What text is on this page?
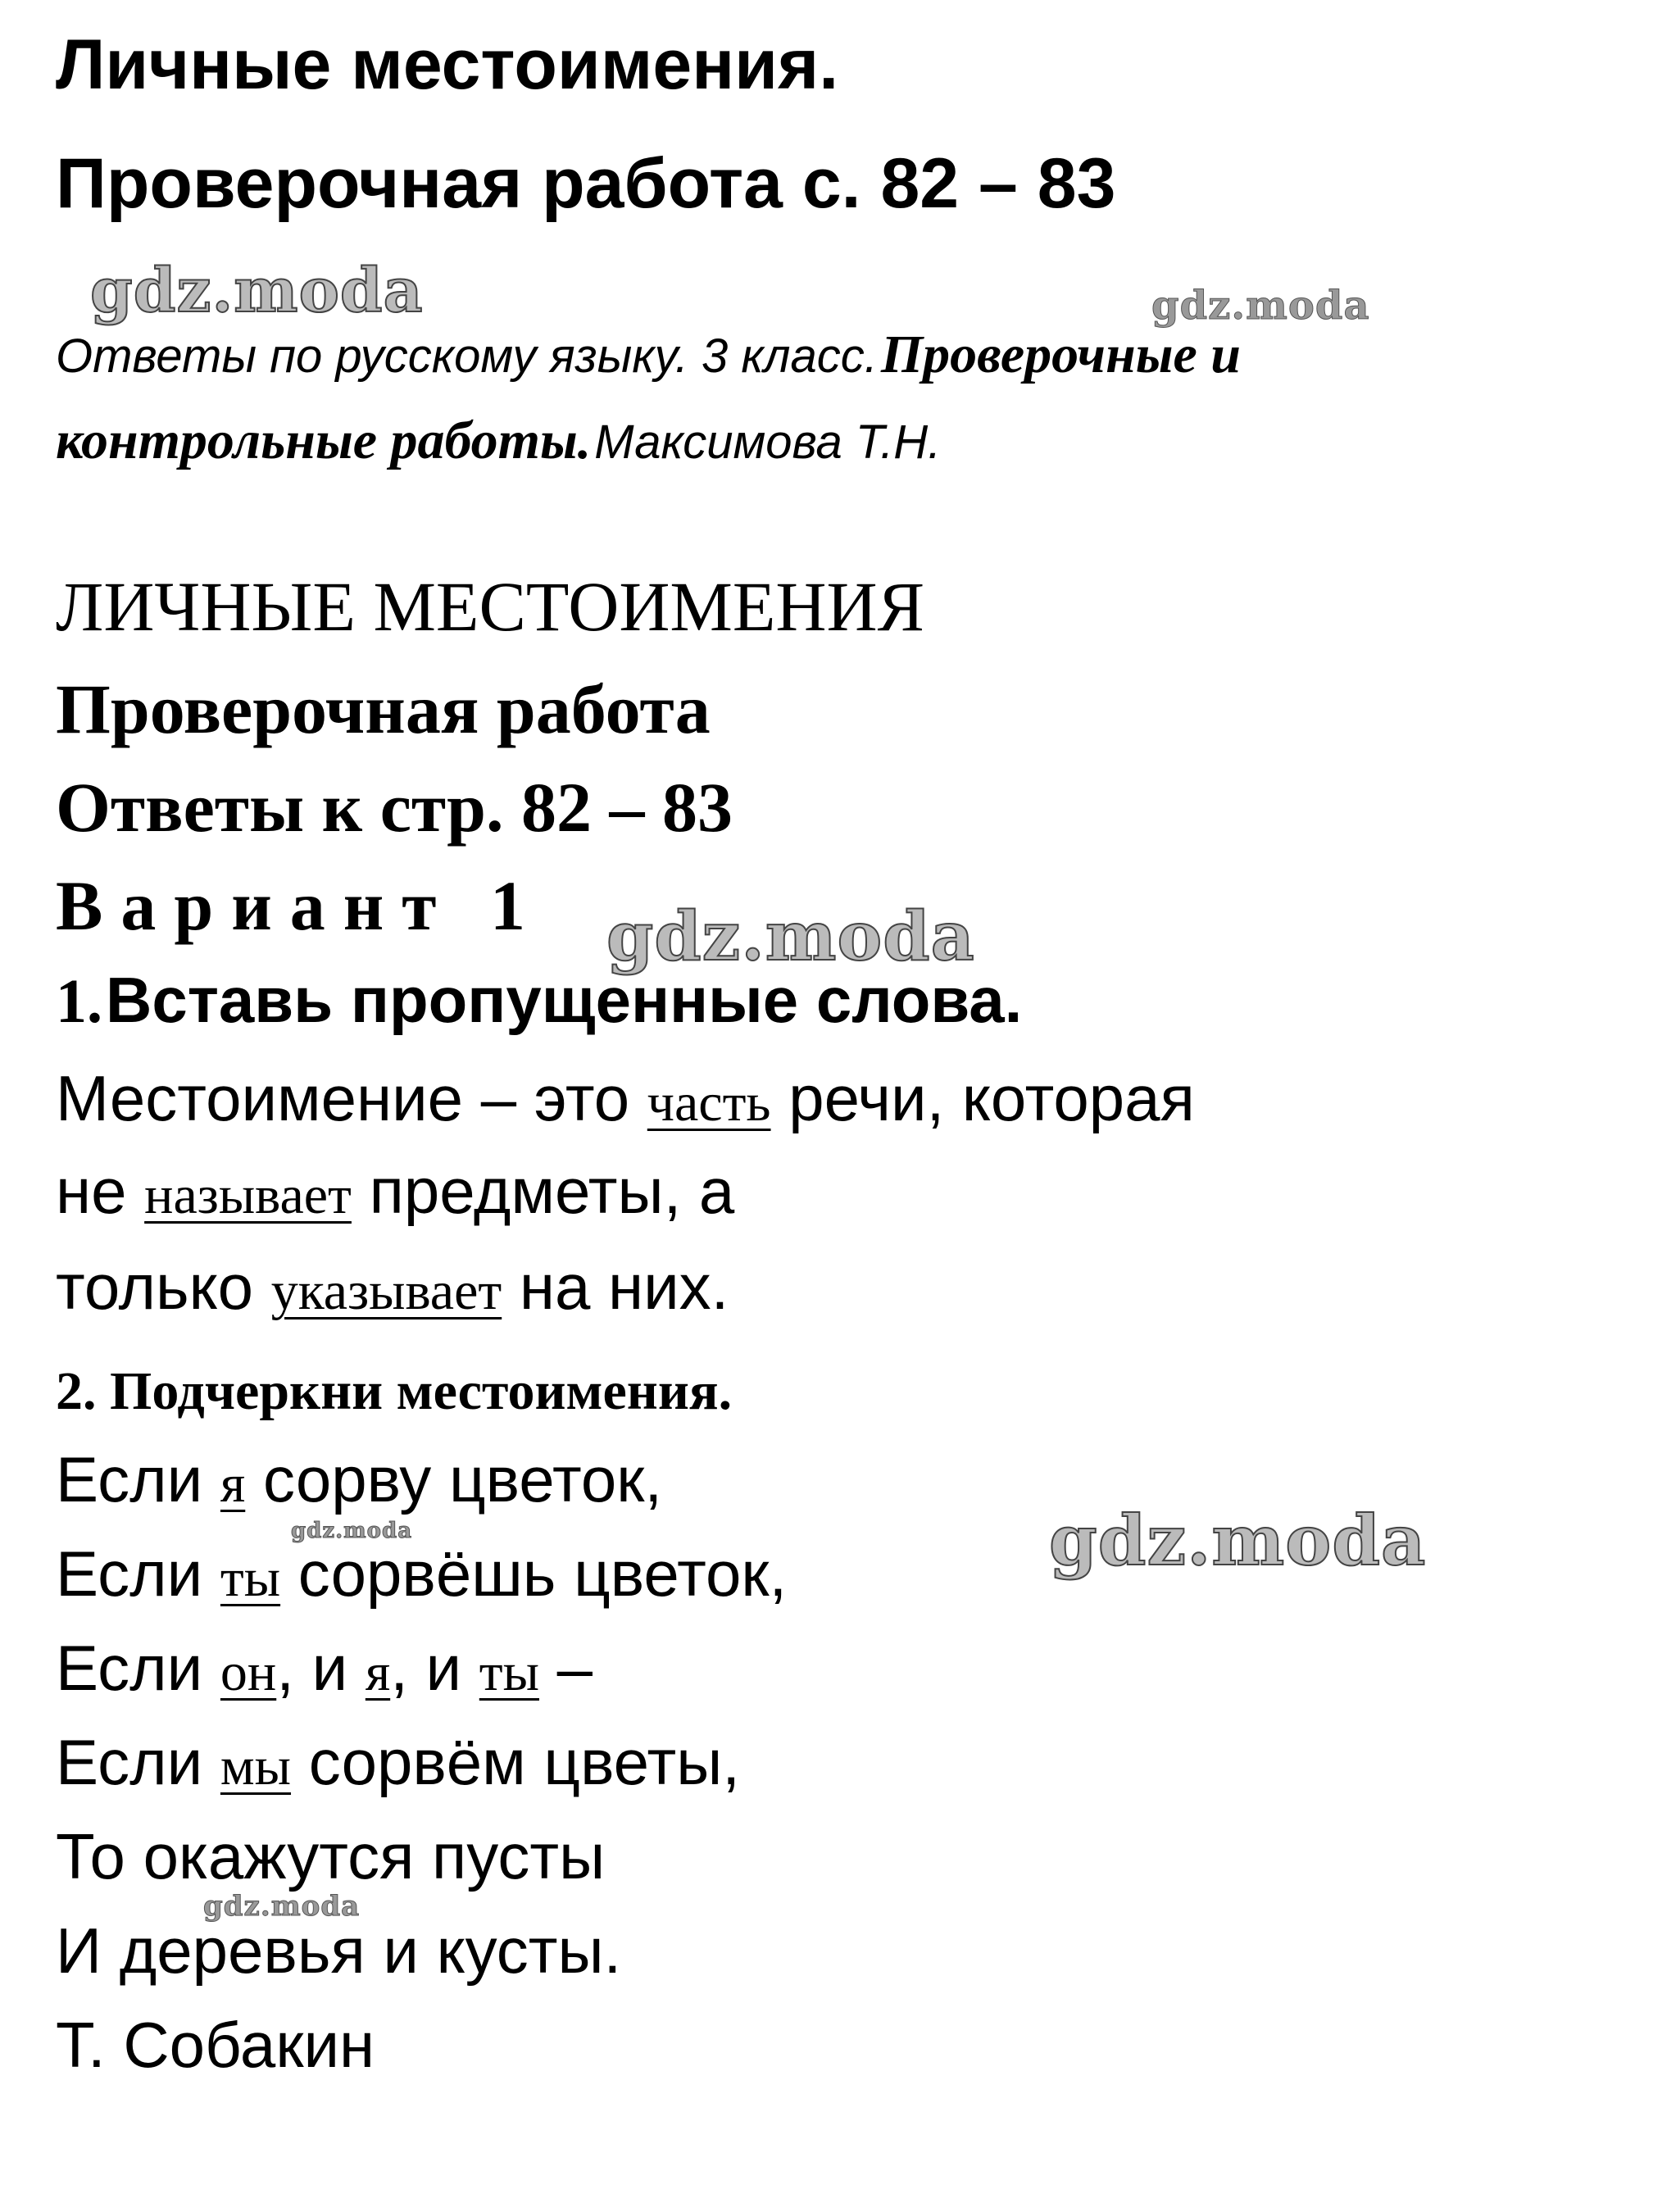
Личные местоимения.
Проверочная работа с. 82 – 83
Ответы по русскому языку. 3 класс. Проверочные и
контрольные работы. Максимова Т.Н.
ЛИЧНЫЕ МЕСТОИМЕНИЯ
Проверочная работа
Ответы к стр. 82 – 83
Вариант 1
1. Вставь пропущенные слова.
Местоимение – это часть речи, которая
не называет предметы, а
только указывает на них.
2. Подчеркни местоимения.
Если я сорву цветок,
Если ты сорвёшь цветок,
Если он, и я, и ты –
Если мы сорвём цветы,
То окажутся пусты
И деревья и кусты.
Т. Собакин
gdz.moda	gdz.moda
gdz.moda
gdz.moda	gdz.moda
gdz.moda
